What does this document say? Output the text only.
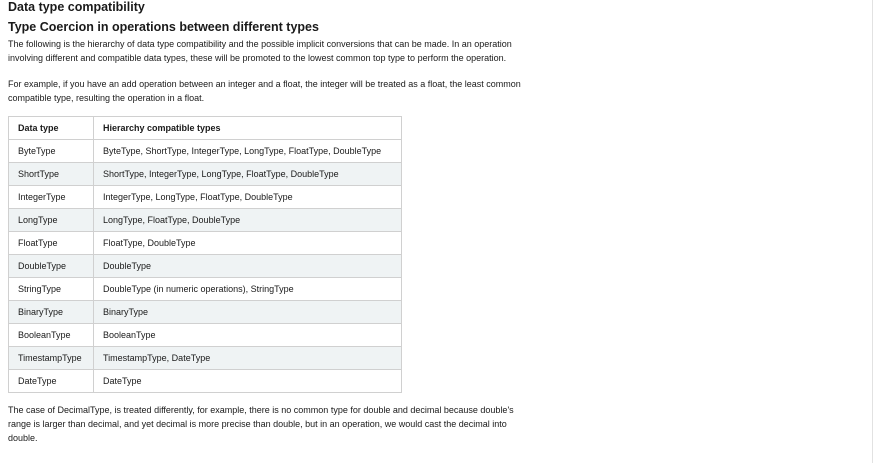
Data type compatibility
Type Coercion in operations between different types

The following is the hierarchy of data type compatibility and the possible implicit conversions that can be made. In an operation involving different and compatible data types, these will be promoted to the lowest common top type to perform the operation.

For example, if you have an add operation between an integer and a float, the integer will be treated as a float, the least common compatible type, resulting the operation in a float.

Data type	Hierarchy compatible types
ByteType	ByteType, ShortType, IntegerType, LongType, FloatType, DoubleType
ShortType	ShortType, IntegerType, LongType, FloatType, DoubleType
IntegerType	IntegerType, LongType, FloatType, DoubleType
LongType	LongType, FloatType, DoubleType
FloatType	FloatType, DoubleType
DoubleType	DoubleType
StringType	DoubleType (in numeric operations), StringType
BinaryType	BinaryType
BooleanType	BooleanType
TimestampType	TimestampType, DateType
DateType	DateType

The case of DecimalType, is treated differently, for example, there is no common type for double and decimal because double's range is larger than decimal, and yet decimal is more precise than double, but in an operation, we would cast the decimal into double.
